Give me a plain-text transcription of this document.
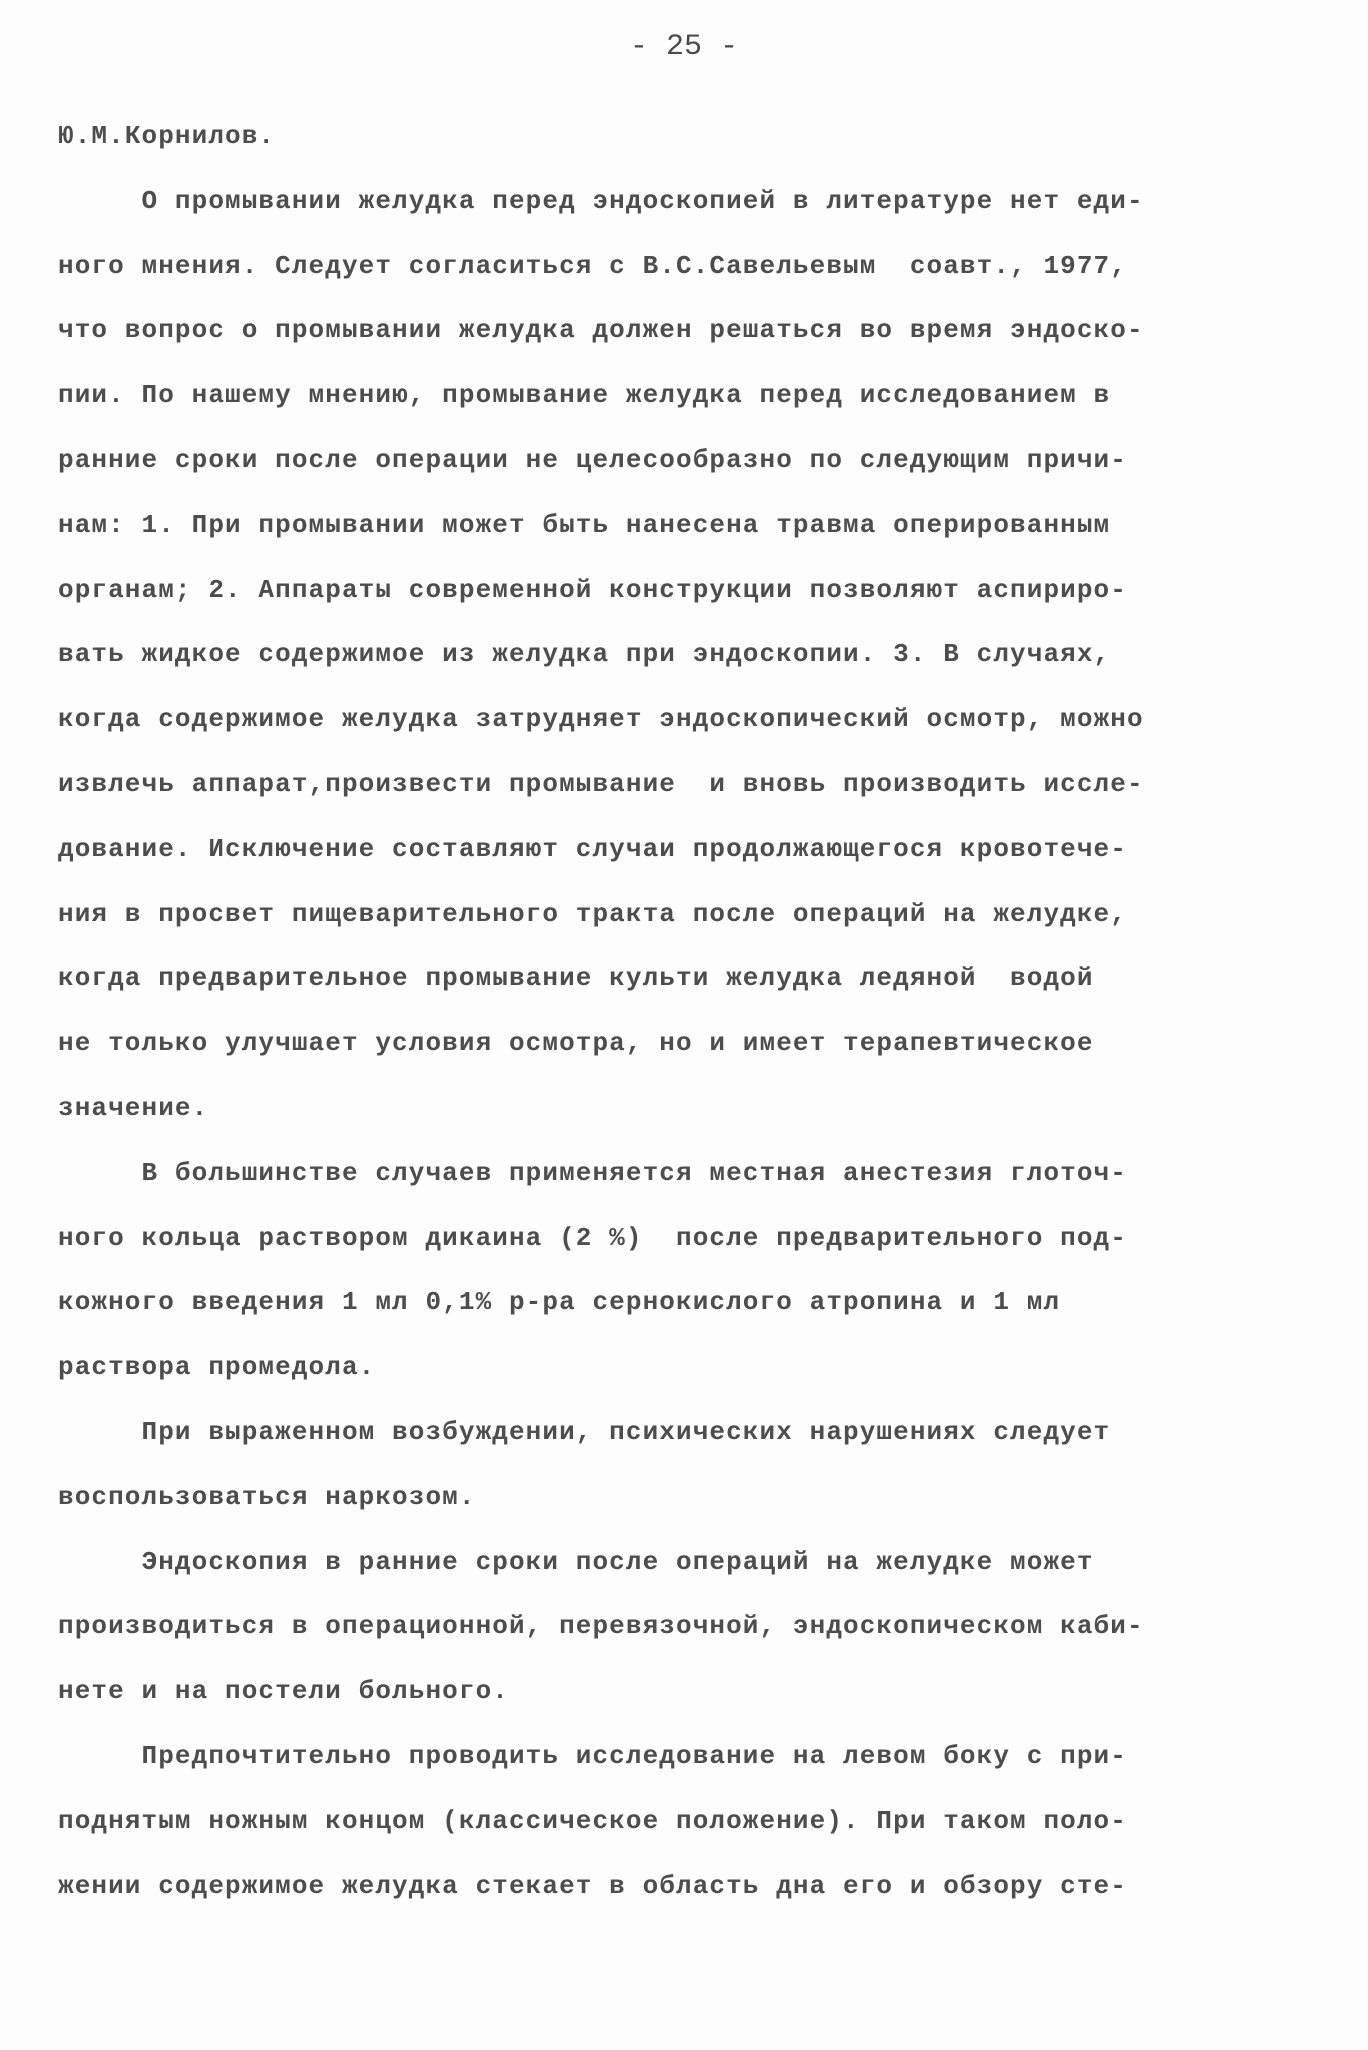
- 25 -
Ю.М.Корнилов.
О промывании желудка перед эндоскопией в литературе нет еди-
ного мнения. Следует согласиться с В.С.Савельевым  соавт., 1977,
что вопрос о промывании желудка должен решаться во время эндоско-
пии. По нашему мнению, промывание желудка перед исследованием в
ранние сроки после операции не целесообразно по следующим причи-
нам: 1. При промывании может быть нанесена травма оперированным
органам; 2. Аппараты современной конструкции позволяют аспириро-
вать жидкое содержимое из желудка при эндоскопии. 3. В случаях,
когда содержимое желудка затрудняет эндоскопический осмотр, можно
извлечь аппарат,произвести промывание  и вновь производить иссле-
дование. Исключение составляют случаи продолжающегося кровотече-
ния в просвет пищеварительного тракта после операций на желудке,
когда предварительное промывание культи желудка ледяной  водой
не только улучшает условия осмотра, но и имеет терапевтическое
значение.
В большинстве случаев применяется местная анестезия глоточ-
ного кольца раствором дикаина (2 %)  после предварительного под-
кожного введения 1 мл 0,1% р-ра сернокислого атропина и 1 мл
раствора промедола.
При выраженном возбуждении, психических нарушениях следует
воспользоваться наркозом.
Эндоскопия в ранние сроки после операций на желудке может
производиться в операционной, перевязочной, эндоскопическом каби-
нете и на постели больного.
Предпочтительно проводить исследование на левом боку с при-
поднятым ножным концом (классическое положение). При таком поло-
жении содержимое желудка стекает в область дна его и обзору сте-
